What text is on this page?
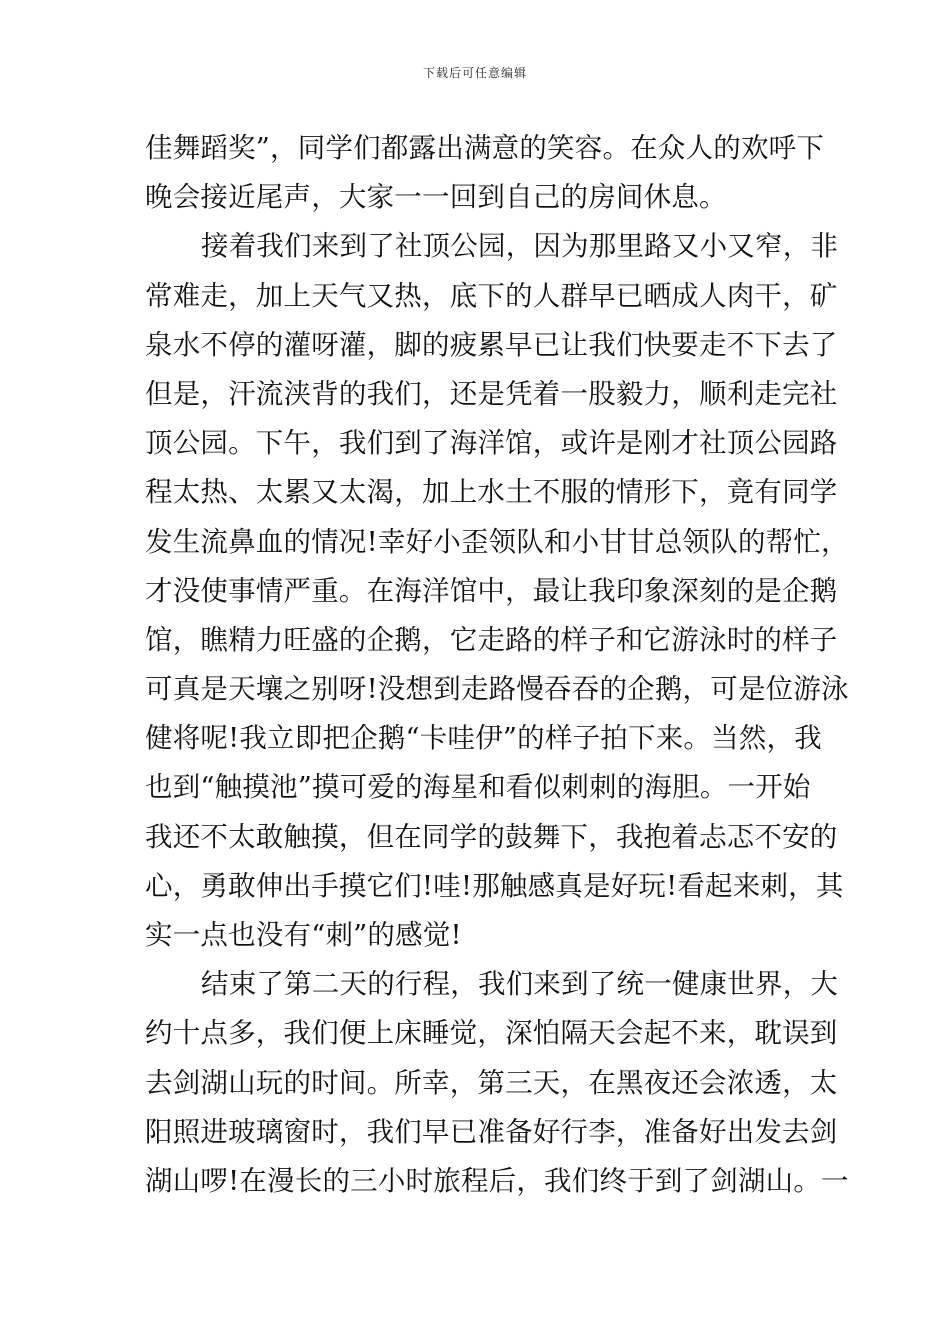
下载后可任意编辑
佳舞蹈奖”，同学们都露出满意的笑容。在众人的欢呼下
晚会接近尾声，大家一一回到自己的房间休息。
接着我们来到了社顶公园，因为那里路又小又窄，非
常难走，加上天气又热，底下的人群早已晒成人肉干，矿
泉水不停的灌呀灌，脚的疲累早已让我们快要走不下去了
但是，汗流浃背的我们，还是凭着一股毅力，顺利走完社
顶公园。下午，我们到了海洋馆，或许是刚才社顶公园路
程太热、太累又太渴，加上水土不服的情形下，竟有同学
发生流鼻血的情况!幸好小歪领队和小甘甘总领队的帮忙，
才没使事情严重。在海洋馆中，最让我印象深刻的是企鹅
馆，瞧精力旺盛的企鹅，它走路的样子和它游泳时的样子
可真是天壤之别呀!没想到走路慢吞吞的企鹅，可是位游泳
健将呢!我立即把企鹅“卡哇伊”的样子拍下来。当然，我
也到“触摸池”摸可爱的海星和看似刺刺的海胆。一开始
我还不太敢触摸，但在同学的鼓舞下，我抱着忐忑不安的
心，勇敢伸出手摸它们!哇!那触感真是好玩!看起来刺，其
实一点也没有“刺”的感觉!
结束了第二天的行程，我们来到了统一健康世界，大
约十点多，我们便上床睡觉，深怕隔天会起不来，耽误到
去剑湖山玩的时间。所幸，第三天，在黑夜还会浓透，太
阳照进玻璃窗时，我们早已准备好行李，准备好出发去剑
湖山啰!在漫长的三小时旅程后，我们终于到了剑湖山。一
